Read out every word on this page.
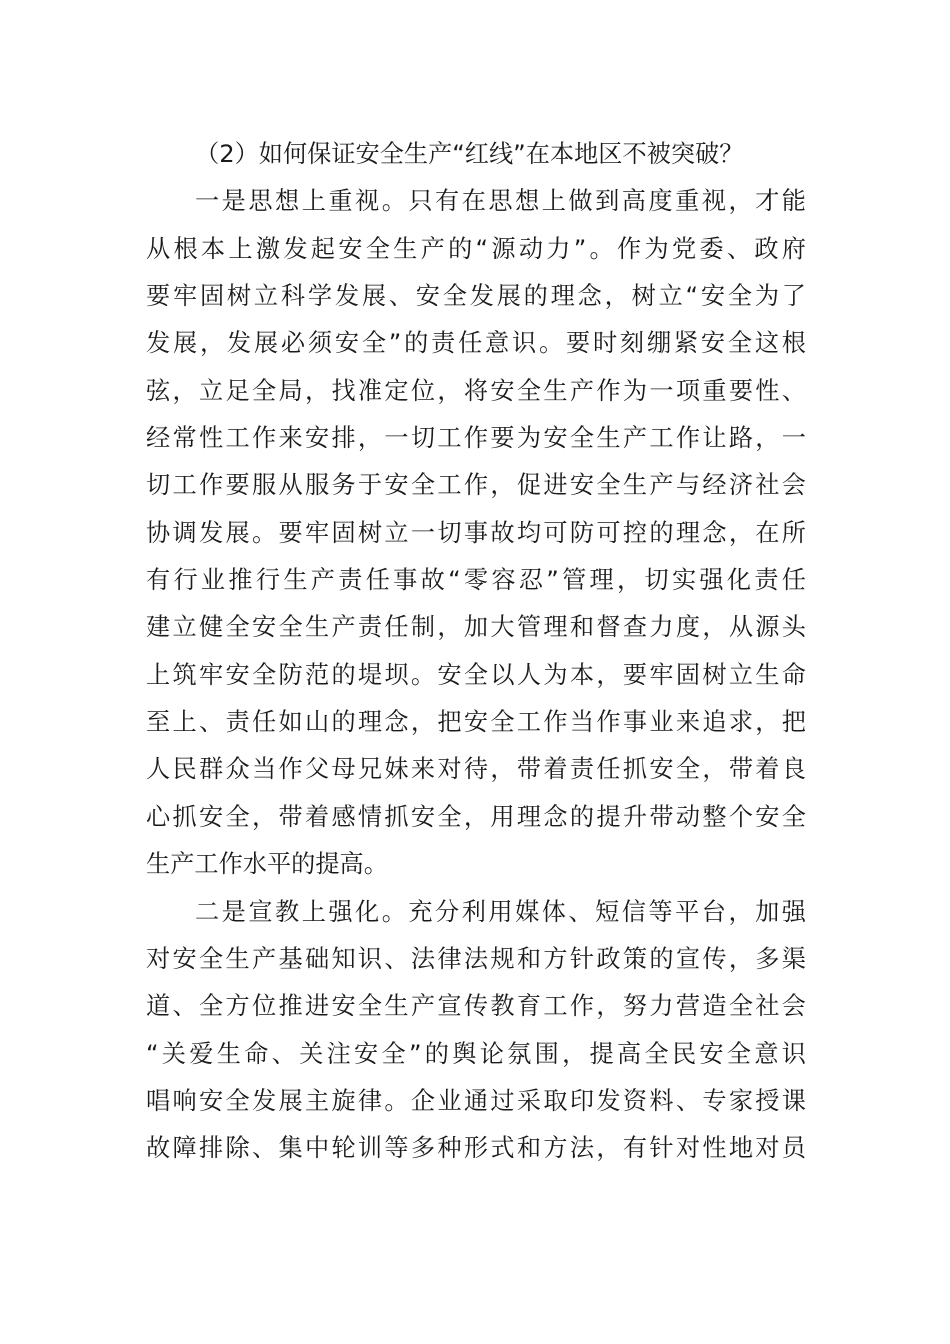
（2）如何保证安全生产“红线”在本地区不被突破？
一是思想上重视。只有在思想上做到高度重视，才能
从根本上激发起安全生产的“源动力”。作为党委、政府
要牢固树立科学发展、安全发展的理念，树立“安全为了
发展，发展必须安全”的责任意识。要时刻绷紧安全这根
弦，立足全局，找准定位，将安全生产作为一项重要性、
经常性工作来安排，一切工作要为安全生产工作让路，一
切工作要服从服务于安全工作，促进安全生产与经济社会
协调发展。要牢固树立一切事故均可防可控的理念，在所
有行业推行生产责任事故“零容忍”管理，切实强化责任
建立健全安全生产责任制，加大管理和督查力度，从源头
上筑牢安全防范的堤坝。安全以人为本，要牢固树立生命
至上、责任如山的理念，把安全工作当作事业来追求，把
人民群众当作父母兄妹来对待，带着责任抓安全，带着良
心抓安全，带着感情抓安全，用理念的提升带动整个安全
生产工作水平的提高。
二是宣教上强化。充分利用媒体、短信等平台，加强
对安全生产基础知识、法律法规和方针政策的宣传，多渠
道、全方位推进安全生产宣传教育工作，努力营造全社会
“关爱生命、关注安全”的舆论氛围，提高全民安全意识
唱响安全发展主旋律。企业通过采取印发资料、专家授课
故障排除、集中轮训等多种形式和方法，有针对性地对员
